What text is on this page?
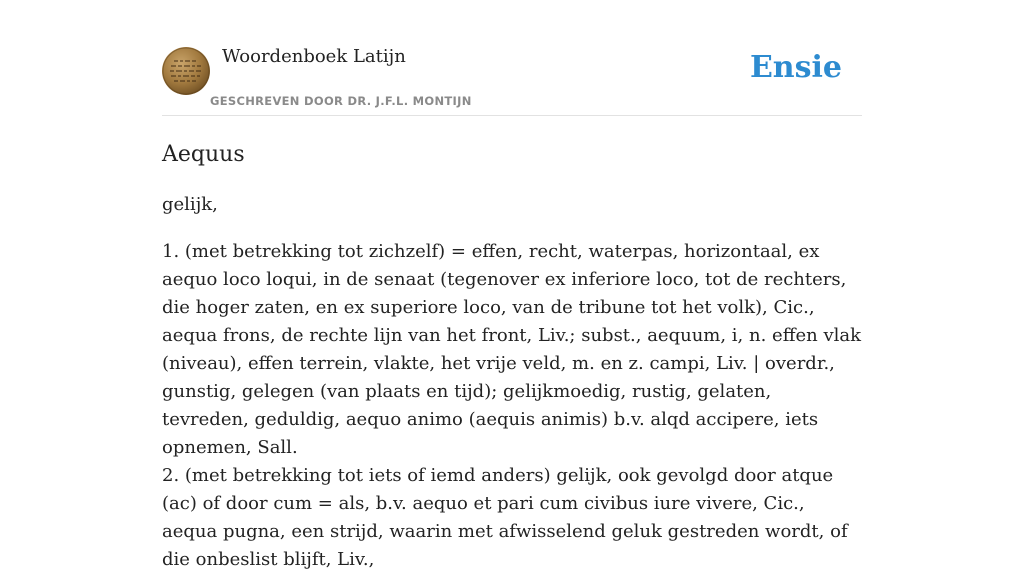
Woordenboek Latijn
GESCHREVEN DOOR DR. J.F.L. MONTIJN
Ensie
Aequus

gelijk,

1. (met betrekking tot zichzelf) = effen, recht, waterpas, horizontaal, ex aequo loco loqui, in de senaat (tegenover ex inferiore loco, tot de rechters, die hoger zaten, en ex superiore loco, van de tribune tot het volk), Cic., aequa frons, de rechte lijn van het front, Liv.; subst., aequum, i, n. effen vlak (niveau), effen terrein, vlakte, het vrije veld, m. en z. campi, Liv. | overdr., gunstig, gelegen (van plaats en tijd); gelijkmoedig, rustig, gelaten, tevreden, geduldig, aequo animo (aequis animis) b.v. alqd accipere, iets opnemen, Sall.

2. (met betrekking tot iets of iemd anders) gelijk, ook gevolgd door atque (ac) of door cum = als, b.v. aequo et pari cum civibus iure vivere, Cic., aequa pugna, een strijd, waarin met afwisselend geluk gestreden wordt, of die onbeslist blijft, Liv.,
